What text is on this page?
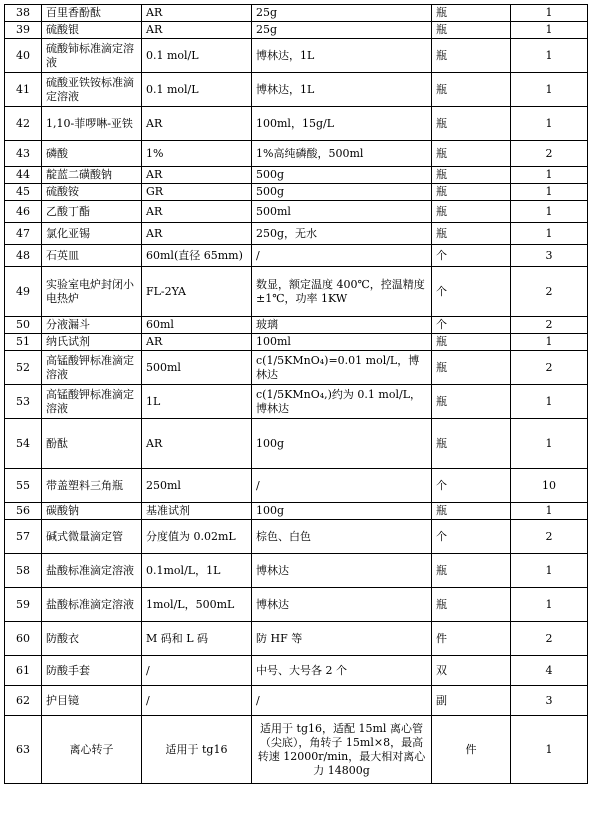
38	百里香酚酞	AR	25g	瓶	1
39	硫酸银	AR	25g	瓶	1
40	硫酸铈标准滴定溶液	0.1 mol/L	博林达，1L	瓶	1
41	硫酸亚铁铵标准滴定溶液	0.1 mol/L	博林达，1L	瓶	1
42	1,10-菲啰啉-亚铁	AR	100ml，15g/L	瓶	1
43	磷酸	1%	1%高纯磷酸，500ml	瓶	2
44	靛蓝二磺酸钠	AR	500g	瓶	1
45	硫酸铵	GR	500g	瓶	1
46	乙酸丁酯	AR	500ml	瓶	1
47	氯化亚锡	AR	250g，无水	瓶	1
48	石英皿	60ml(直径 65mm)	/	个	3
49	实验室电炉封闭小电热炉	FL-2YA	数显，额定温度 400℃，控温精度±1℃，功率 1KW	个	2
50	分液漏斗	60ml	玻璃	个	2
51	纳氏试剂	AR	100ml	瓶	1
52	高锰酸钾标准滴定溶液	500ml	c(1/5KMnO₄)=0.01 mol/L，博林达	瓶	2
53	高锰酸钾标准滴定溶液	1L	c(1/5KMnO₄,)约为 0.1 mol/L，博林达	瓶	1
54	酚酞	AR	100g	瓶	1
55	带盖塑料三角瓶	250ml	/	个	10
56	碳酸钠	基准试剂	100g	瓶	1
57	碱式微量滴定管	分度值为 0.02mL	棕色、白色	个	2
58	盐酸标准滴定溶液	0.1mol/L，1L	博林达	瓶	1
59	盐酸标准滴定溶液	1mol/L，500mL	博林达	瓶	1
60	防酸衣	M 码和 L 码	防 HF 等	件	2
61	防酸手套	/	中号、大号各 2 个	双	4
62	护目镜	/	/	副	3
63	离心转子	适用于 tg16	适用于 tg16，适配 15ml 离心管（尖底），角转子 15ml×8，最高转速 12000r/min，最大相对离心力 14800g	件	1
